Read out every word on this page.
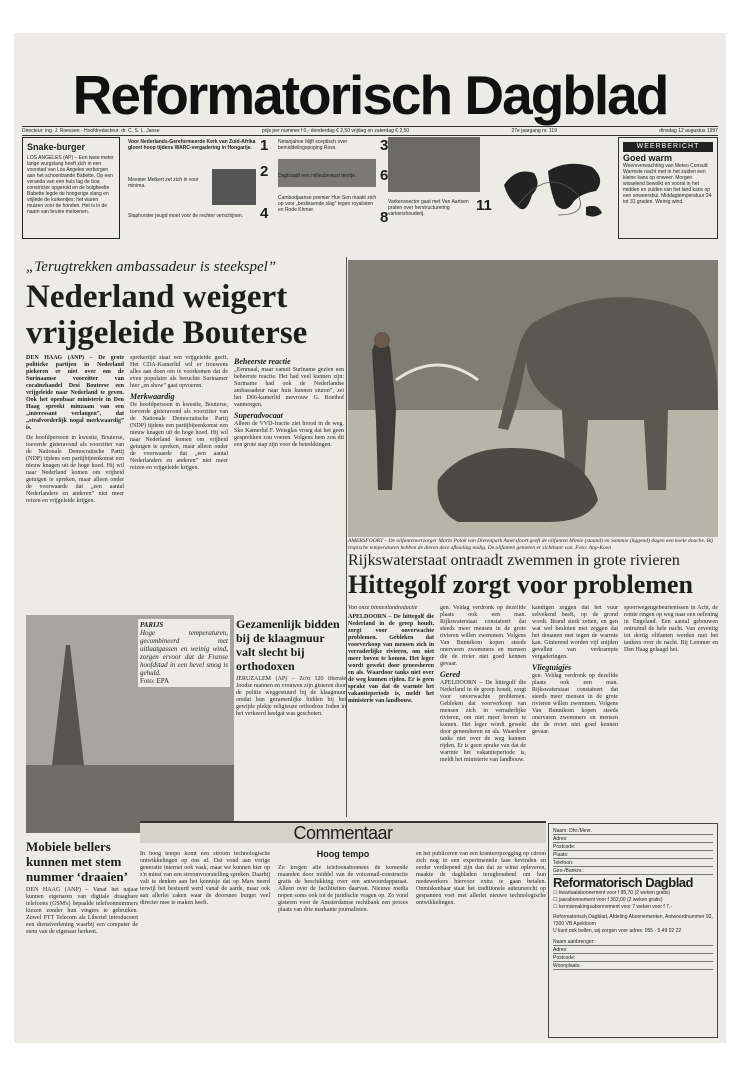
Reformatorisch Dagblad
Directeur: ing. J. Roessen · Hoofdredacteur: dr. C. S. L. Janse	prijs per nummer f 0,- donderdag € 2,50 vrijdag en zaterdag € 2,50	27e jaargang nr. 119	dinsdag 12 augustus 1997
Snake-burger
LOS ANGELES (AP) – Een twee meter lange wurgslang heeft zich in een voorstad van Los Angeles verborgen aan het schoonbande Babette. Op een veranda van een huis lag de boa constrictor opgerold en de bolgheelte Babette legde de hongerige slang en vrijlede de kuikentjes; het waren muizen voor de honden. Het is in de naam van bruine meloenen.
Voor Nederlands-Gereformeerde Kerk van Zuid-Afrika gloort hoop tijdens WARC-vergadering in Hongarije. 1
Meester Melkert zet zich in voor minima.
2
Staphorster jeugd moet voor de rechter verschijnen.	4
Netanjahoe blijft sceptisch over bemiddelingspoging Ross.	3
Dagtraadt een milieubewust biertje.	6
Cambodjaanse premier Hun Sen maakt zich op voor „beslissende slag” tegen royalisten en Rode Khmer.	8
Varkenssector gaat met Van Aartsen praten over herstructurering varkenshouderij.	11
WEERBERICHT
Goed warm
Weersverwachting van Meteo Consult: Warmste nacht met in het zuiden een kleine kans op onweer. Morgen wisselend bewolkt en vooral in het midden en zuiden van het land kans op een onweersbui. Middagtemperatuur 24 tot 31 graden. Weinig wind.
„Terugtrekken ambassadeur is steekspel”
Nederland weigert vrijgeleide Bouterse

DEN HAAG (ANP) – De grote politieke partijen in Nederland piekeren er niet over om de Surinaamse voorzitter van cocaïnehandel Desi Bouterse een vrijgeleide naar Nederland te geven. Ook het openbaar ministerie in Den Haag spreekt minzaam van een „interessant verlangen”, dat „strafvorderlijk nogal merkwaardig” is.

De hoofdpersoon in kwestie, Bouterse, toeverde gisteravond als voorzitter van de Nationale Democratische Partij (NDP) tijdens een partijbijeenkomst een nieuw knagen uit de hoge hoed. Hij wil naar Nederland komen om vrijheid getuigen te spreken, maar alleen onder de voorwaarde dat „een aantal Nederlanders en anderen” niet meer reizen en vrijgeleide krijgen.

sprekertijd staat een vrijgeleide geeft. Het CDA-Kamerlid wil er trouwens alles aan doen om te voorkomen dat de even populaire als beruchte Surinamer hier „en show” gaat opvoeren.

Merkwaardig

De hoofdpersoon in kwestie, Bouterse, toeverde gisteravond als voorzitter van de Nationale Democratische Partij (NDP) tijdens een partijbijeenkomst een nieuw knagen uit de hoge hoed. Hij wil naar Nederland komen om vrijheid getuigen te spreken, maar alleen onder de voorwaarde dat „een aantal Nederlanders en anderen” niet meer reizen en vrijgeleide krijgen.

Beheerste reactie

„Eenmaal, maar vanuit Suriname gezien een beheerste reactie. Het had veel kunnen zijn: Suriname had ook de Nederlandse ambassadeur naar huis kunnen sturen”, zei het D66-kamerlid mevrouw G. Roethof vanmorgen.

Superadvocaat

Alleen de VVD-fractie ziet brood in de weg. Sko Kamerlid F. Weisglas vroeg dat het geen gesprekken zou voeren. Volgens hem zou dit een grote stap zijn voor de betrekkingen.

AMERSFOORT – De olifantenverzorger Marin Polak van Dierenpark Amersfoort geeft de olifanten Mimie (staand) en Sammie (liggend) dagen een koele douche. Bij tropische temperaturen hebben de dieren deze afkoeling nodig. De olifanten genieten er zichtbaar van. Foto: Anp-Koen
Rijkswaterstaat ontraadt zwemmen in grote rivieren
Hittegolf zorgt voor problemen

Van onze binnenlandredactie

APELDOORN – De hittegolf die Nederland in de greep houdt, zorgt voor onverwachte problemen. Gebleken dat voorverkoop van mensen zich in verraderlijke rivieren, om niet meer boven te komen. Het leger wordt gewekt door geneesheren en als. Waardoor tanks niet over de weg kunnen rijden. Er is geen sprake van dat de warmte het vakantieperiode is, meldt het ministerie van landbouw.

gen. Veldag verdronk op dezelfde plaats ook een man. Rijkswaterstaat constateert dat steeds meer mensen in de grote rivieren willen zwemmen. Volgens Van Bunnikom kopen steeds onervaren zwemmers en mensen die de rivier niet goed kennen gevaar.

Gered

APELDOORN – De hittegolf die Nederland in de greep houdt, zorgt voor onverwachte problemen. Gebleken dat voorverkoop van mensen zich in verraderlijke rivieren, om niet meer boven te komen. Het leger wordt gewekt door geneesheren en als. Waardoor tanks niet over de weg kunnen rijden. Er is geen sprake van dat de warmte het vakantieperiode is, meldt het ministerie van landbouw.

kandigen zeggen dat het vuur selvekend heeft, op de grond wordt. Brand sterk zetten, en gen wat wel besloten met zeggen dat het douanen met tegen de warmte kan. Ginterend worden vijf snijden gevallen van verkrampte vergaderingen.

Vliegtuigjes

gen. Veldag verdronk op dezelfde plaats ook een man. Rijkswaterstaat constateert dat steeds meer mensen in de grote rivieren willen zwemmen. Volgens Van Bunnikom kopen steeds onervaren zwemmers en mensen die de rivier niet goed kennen gevaar.

spoorwegengebeurtenissen in Acht, de remte ringen op weg naar een oefening in Engeland. Een aantal gebouwen ontruimd de hele nacht. Van zeventig tot dertig olifanten werden met het tankers over de nacht. Bij Lemmer en Den Haag gelaagd het.

PARIJS

Hoge temperaturen, gecombineerd met uitlaatgassen en weinig wind, zorgen ervoor dat de Franse hoofdstad in een hevel smog is gehuld.

Foto: EPA

Gezamenlijk bidden bij de klaagmuur valt slecht bij orthodoxen
JERUZALEM (AP) – Zo'n 120 liberale Joodse mannen en vrouwen zijn gisteren door de politie weggestuurd bij de klaagmuur omdat hun gezamenlijke bidden bij het gewijde plekje religieuze orthodoxe Joden in het verkeerd keelgat was geschoten.
Mobiele bellers kunnen met stem nummer ‘draaien’
DEN HAAG (ANP) – Vanaf het najaar kunnen eigenaren van digitale draagbare telefoons (GSM's) bepaalde telefoonnummers kiezen zonder hun vingers te gebruiken. Zowel PTT Telecom als Libertel introduceert een dienstverlening waarbij een computer de stem van de eigenaar herkent.
Commentaar
Hoog tempo
In hoog tempo komt een stroom technologische ontwikkelingen op ons af. Dat vond aan vorige generatie internet ook vaak, maar we kunnen hier op z'n minst van een stroomvoorstelling spreken. Daarbij valt te denken aan het kennisje dat op Mars neerd terwijl het bestuurd werd vanaf de aarde, maar ook aan allerlei zaken waar de doorsnee burger veel directer mee te maken heeft.
Zo kregen alle telefoonabonnees de komende maanden door middel van de voicemail-constructie gratis de beschikking over een antwoordapparaat. Alleen over de facilitieiten daarvan. Nieuwe media nopen soms ook tot de juridische vragen op. Zo vond gisteren voor de Amsterdamse rechtbank een proces plaats van drie markante journalisten.
en het publiceren van een kranteropzegging op cdrom zich nog in een experimentele fase bevinden en eerder verdiepend zijn dan dat ze winst opleveren, maakte de dagbladen terughoudend om hun medewerkers hiervoor extra te gaan betalen. Onmiskenbaar staat het traditionele auteursrecht op gespannen voet met allerlei nieuwe technologische ontwikkelingen.
Naam: Dhr./Mevr.
Adres:
Postcode:
Plaats:
Telefoon:
Giro-/Banknr.:
Reformatorisch Dagblad
☐ kwartaalabonnement voor f 95,70 (2 weken gratis)
☐ jaarabonnement voor f 362,00 (2 weken gratis)
☐ kennismakingsabonnement voor 7 weken voor f 7,-
Reformatorisch Dagblad, Afdeling Abonnementen, Antwoordnummer 92, 7300 VB Apeldoorn
U kunt ook bellen, wij zorgen voor adres: 055 - 5 49 02 22
Naam aanbrenger:
Adres:
Postcode:
Woonplaats:
